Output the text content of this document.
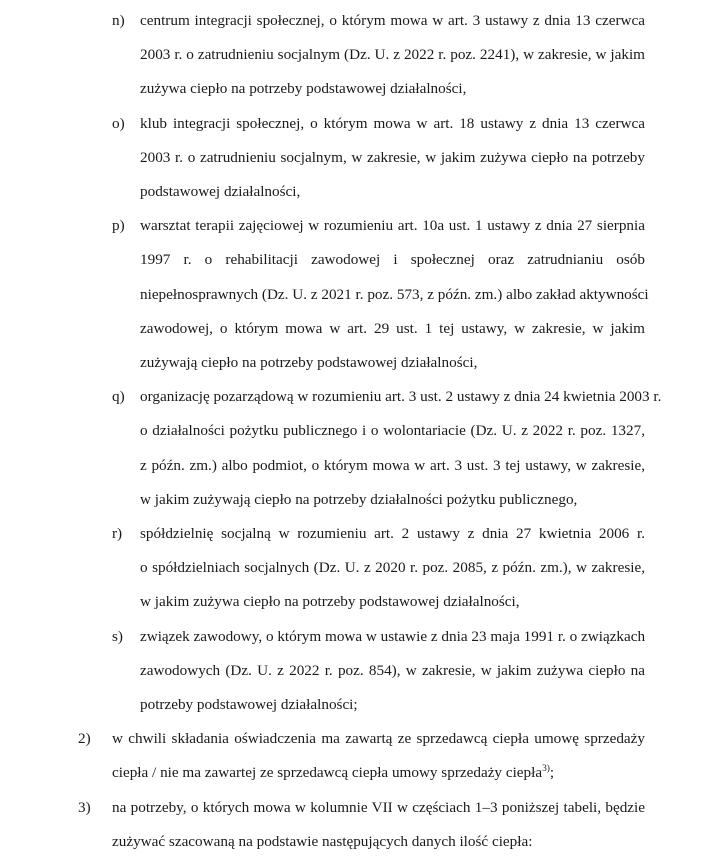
n) centrum integracji społecznej, o którym mowa w art. 3 ustawy z dnia 13 czerwca
2003 r. o zatrudnieniu socjalnym (Dz. U. z 2022 r. poz. 2241), w zakresie, w jakim
zużywa ciepło na potrzeby podstawowej działalności,
o) klub integracji społecznej, o którym mowa w art. 18 ustawy z dnia 13 czerwca
2003 r. o zatrudnieniu socjalnym, w zakresie, w jakim zużywa ciepło na potrzeby
podstawowej działalności,
p) warsztat terapii zajęciowej w rozumieniu art. 10a ust. 1 ustawy z dnia 27 sierpnia
1997 r. o rehabilitacji zawodowej i społecznej oraz zatrudnianiu osób
niepełnosprawnych (Dz. U. z 2021 r. poz. 573, z późn. zm.) albo zakład aktywności
zawodowej, o którym mowa w art. 29 ust. 1 tej ustawy, w zakresie, w jakim
zużywają ciepło na potrzeby podstawowej działalności,
q) organizację pozarządową w rozumieniu art. 3 ust. 2 ustawy z dnia 24 kwietnia 2003 r.
o działalności pożytku publicznego i o wolontariacie (Dz. U. z 2022 r. poz. 1327,
z późn. zm.) albo podmiot, o którym mowa w art. 3 ust. 3 tej ustawy, w zakresie,
w jakim zużywają ciepło na potrzeby działalności pożytku publicznego,
r) spółdzielnię socjalną w rozumieniu art. 2 ustawy z dnia 27 kwietnia 2006 r.
o spółdzielniach socjalnych (Dz. U. z 2020 r. poz. 2085, z późn. zm.), w zakresie,
w jakim zużywa ciepło na potrzeby podstawowej działalności,
s) związek zawodowy, o którym mowa w ustawie z dnia 23 maja 1991 r. o związkach
zawodowych (Dz. U. z 2022 r. poz. 854), w zakresie, w jakim zużywa ciepło na
potrzeby podstawowej działalności;
2) w chwili składania oświadczenia ma zawartą ze sprzedawcą ciepła umowę sprzedaży
ciepła / nie ma zawartej ze sprzedawcą ciepła umowy sprzedaży ciepła$^{3)}$;
3) na potrzeby, o których mowa w kolumnie VII w częściach 1–3 poniższej tabeli, będzie
zużywać szacowaną na podstawie następujących danych ilość ciepła:
